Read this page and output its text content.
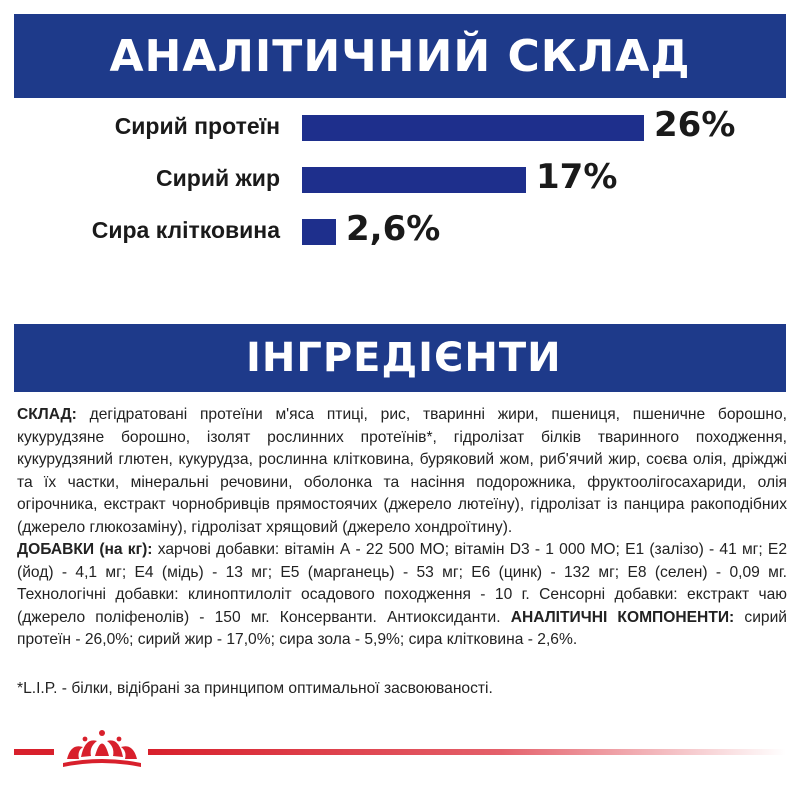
АНАЛІТИЧНИЙ СКЛАД
Сирий протеїн	26%
Сирий жир	17%
Сира клітковина 2,6%
ІНГРЕДІЄНТИ
СКЛАД: дегідратовані протеїни м'яса птиці, рис, тваринні жири, пшениця, пшеничне борошно, кукурудзяне борошно, ізолят рослинних протеїнів*, гідролізат білків тваринного походження, кукурудзяний глютен, кукурудза, рослинна клітковина, буряковий жом, риб'ячий жир, соєва олія, дріжджі та їх частки, мінеральні речовини, оболонка та насіння подорожника, фруктоолігосахариди, олія огірочника, екстракт чорнобривців прямостоячих (джерело лютеїну), гідролізат із панцира ракоподібних (джерело глюкозаміну), гідролізат хрящовий (джерело хондроїтину).
ДОБАВКИ (на кг): харчові добавки: вітамін А - 22 500 МО; вітамін D3 - 1 000 МО; E1 (залізо) - 41 мг; E2 (йод) - 4,1 мг; E4 (мідь) - 13 мг; E5 (марганець) - 53 мг; E6 (цинк) - 132 мг; E8 (селен) - 0,09 мг. Технологічні добавки: клиноптилоліт осадового походження - 10 г. Сенсорні добавки: екстракт чаю (джерело поліфенолів) - 150 мг. Консерванти. Антиоксиданти. АНАЛІТИЧНІ КОМПОНЕНТИ: сирий протеїн - 26,0%; сирий жир - 17,0%; сира зола - 5,9%; сира клітковина - 2,6%.
*L.I.P. - білки, відібрані за принципом оптимальної засвоюваності.
